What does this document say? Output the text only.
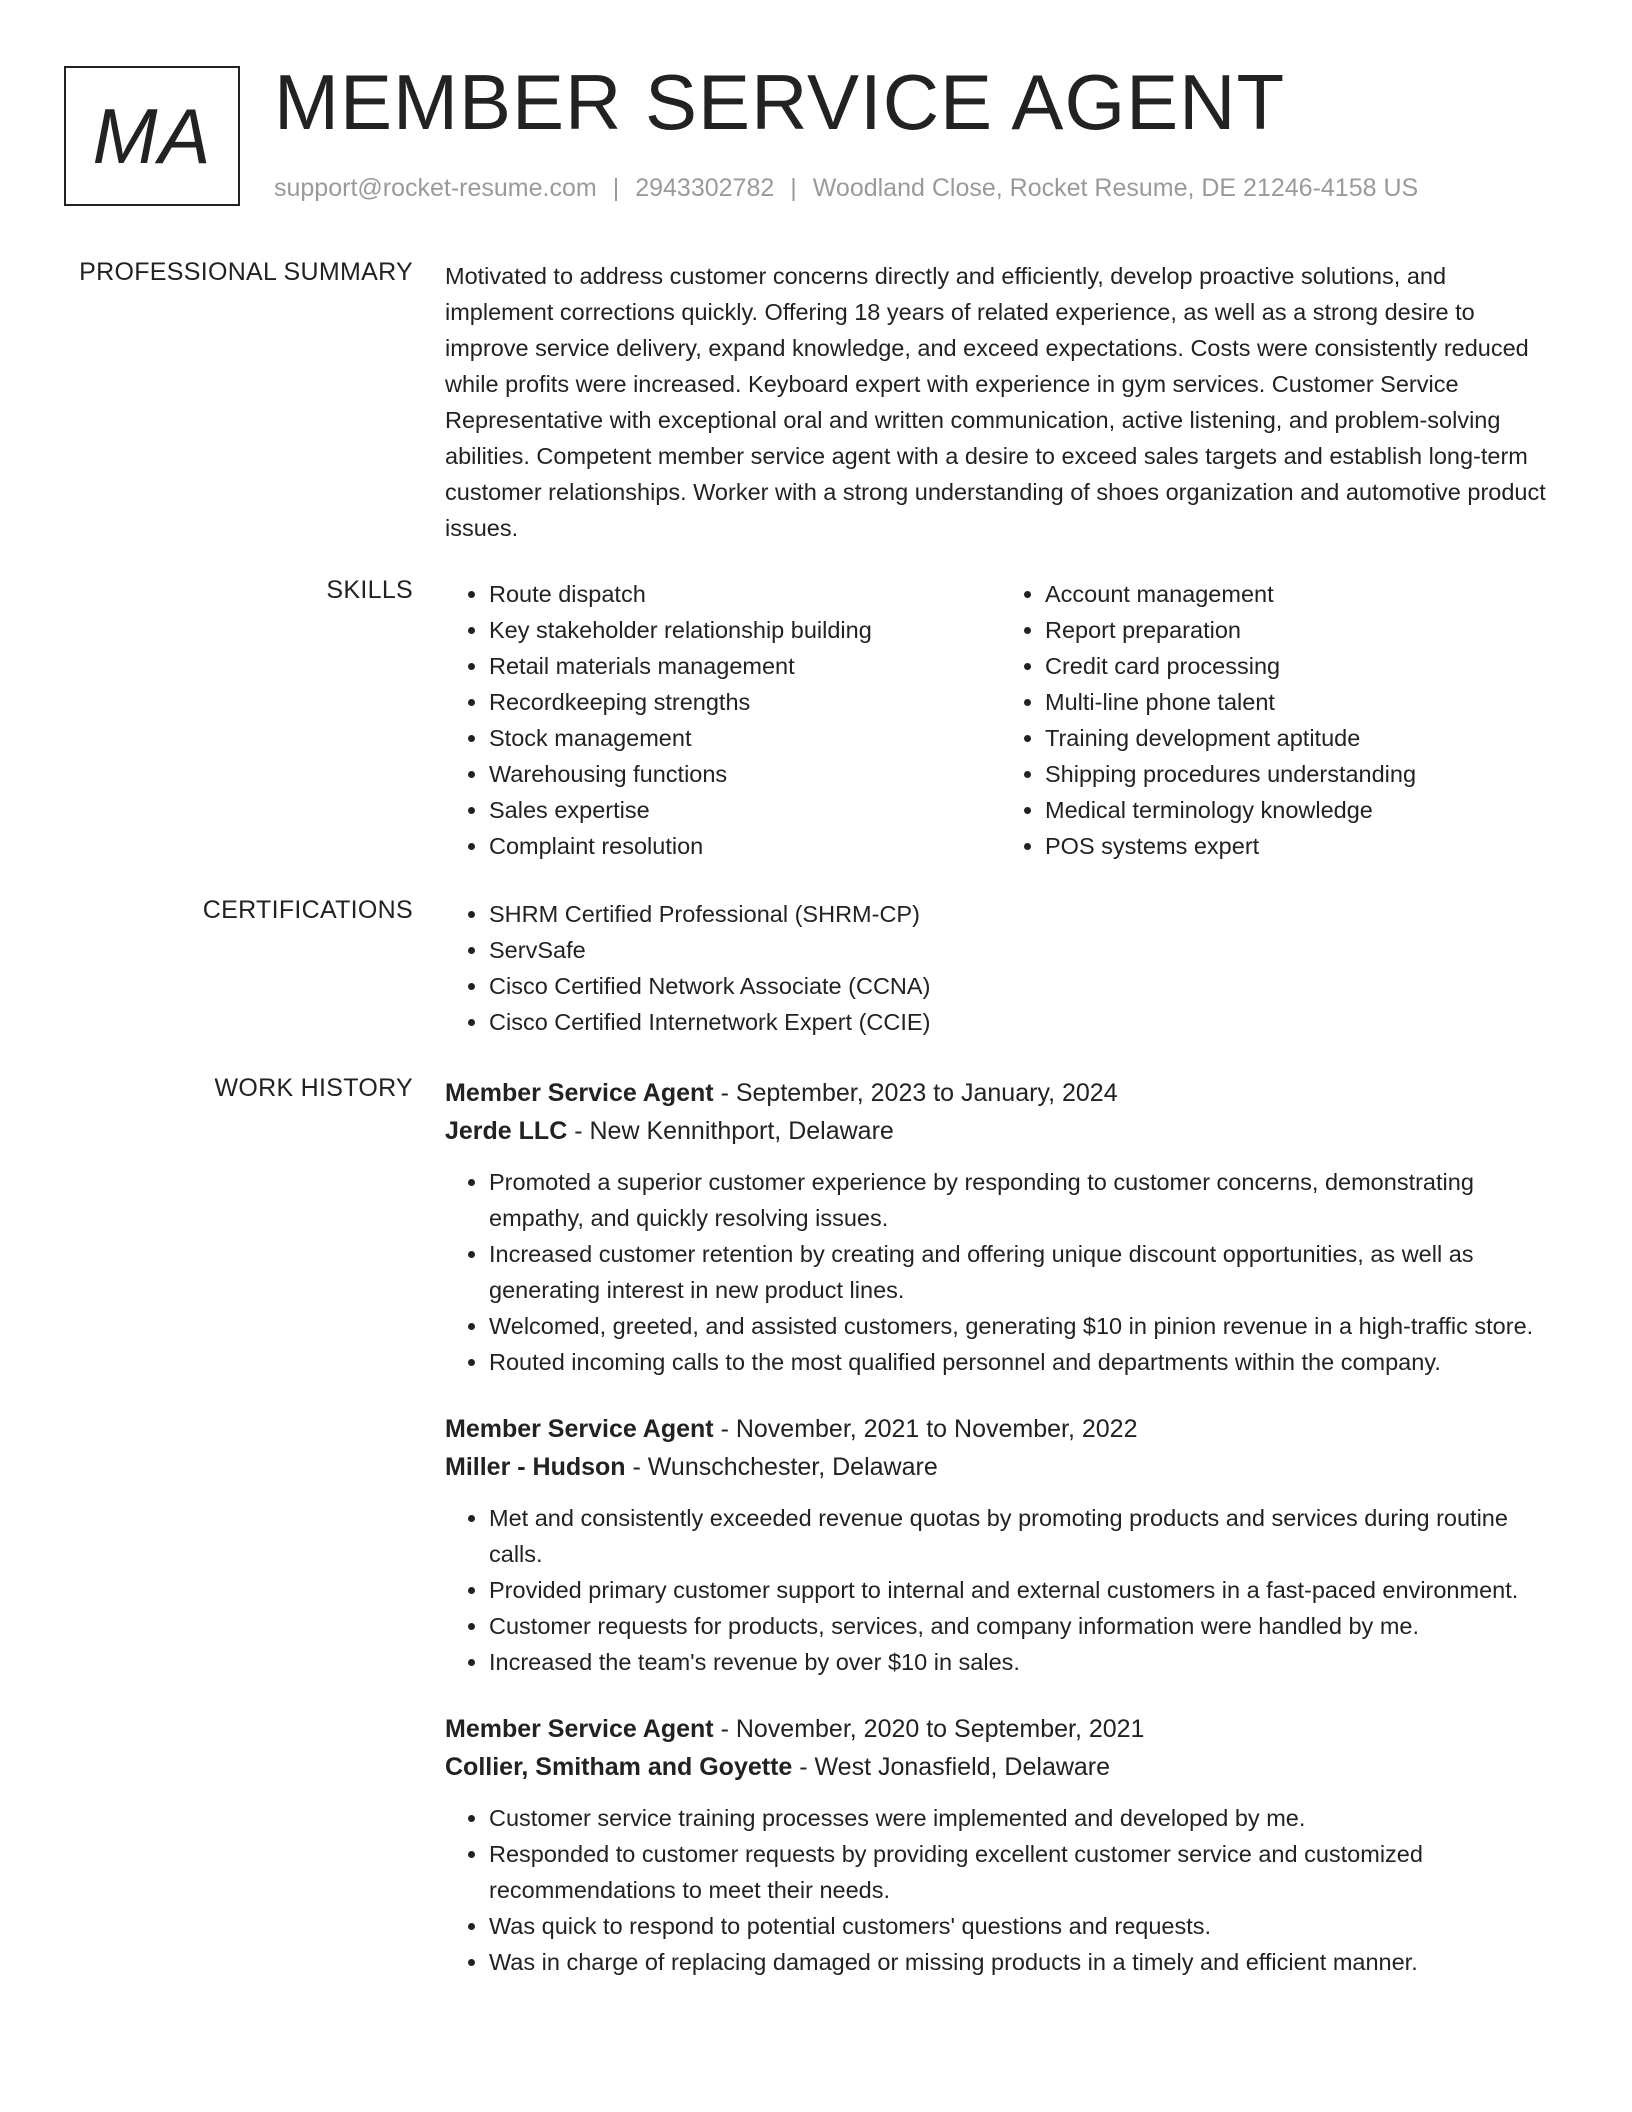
MA MEMBER SERVICE AGENT
support@rocket-resume.com | 2943302782 | Woodland Close, Rocket Resume, DE 21246-4158 US
PROFESSIONAL SUMMARY Motivated to address customer concerns directly and efficiently, develop proactive solutions, and implement corrections quickly. Offering 18 years of related experience, as well as a strong desire to improve service delivery, expand knowledge, and exceed expectations. Costs were consistently reduced while profits were increased. Keyboard expert with experience in gym services. Customer Service Representative with exceptional oral and written communication, active listening, and problem-solving abilities. Competent member service agent with a desire to exceed sales targets and establish long-term customer relationships. Worker with a strong understanding of shoes organization and automotive product issues.

SKILLS	• Route dispatch
• Key stakeholder relationship building
• Retail materials management
• Recordkeeping strengths
• Stock management
• Warehousing functions
• Sales expertise
• Complaint resolution
• Account management
• Report preparation
• Credit card processing
• Multi-line phone talent
• Training development aptitude
• Shipping procedures understanding
• Medical terminology knowledge
• POS systems expert
CERTIFICATIONS	• SHRM Certified Professional (SHRM-CP)
• ServSafe
• Cisco Certified Network Associate (CCNA)
• Cisco Certified Internetwork Expert (CCIE)
WORK HISTORY Member Service Agent - September, 2023 to January, 2024
Jerde LLC - New Kennithport, Delaware
• Promoted a superior customer experience by responding to customer concerns, demonstrating empathy, and quickly resolving issues.
• Increased customer retention by creating and offering unique discount opportunities, as well as generating interest in new product lines.
• Welcomed, greeted, and assisted customers, generating $10 in pinion revenue in a high-traffic store.
• Routed incoming calls to the most qualified personnel and departments within the company.
Member Service Agent - November, 2021 to November, 2022
Miller - Hudson - Wunschchester, Delaware
• Met and consistently exceeded revenue quotas by promoting products and services during routine calls.
• Provided primary customer support to internal and external customers in a fast-paced environment.
• Customer requests for products, services, and company information were handled by me.
• Increased the team's revenue by over $10 in sales.
Member Service Agent - November, 2020 to September, 2021
Collier, Smitham and Goyette - West Jonasfield, Delaware
• Customer service training processes were implemented and developed by me.
• Responded to customer requests by providing excellent customer service and customized recommendations to meet their needs.
• Was quick to respond to potential customers' questions and requests.
• Was in charge of replacing damaged or missing products in a timely and efficient manner.
